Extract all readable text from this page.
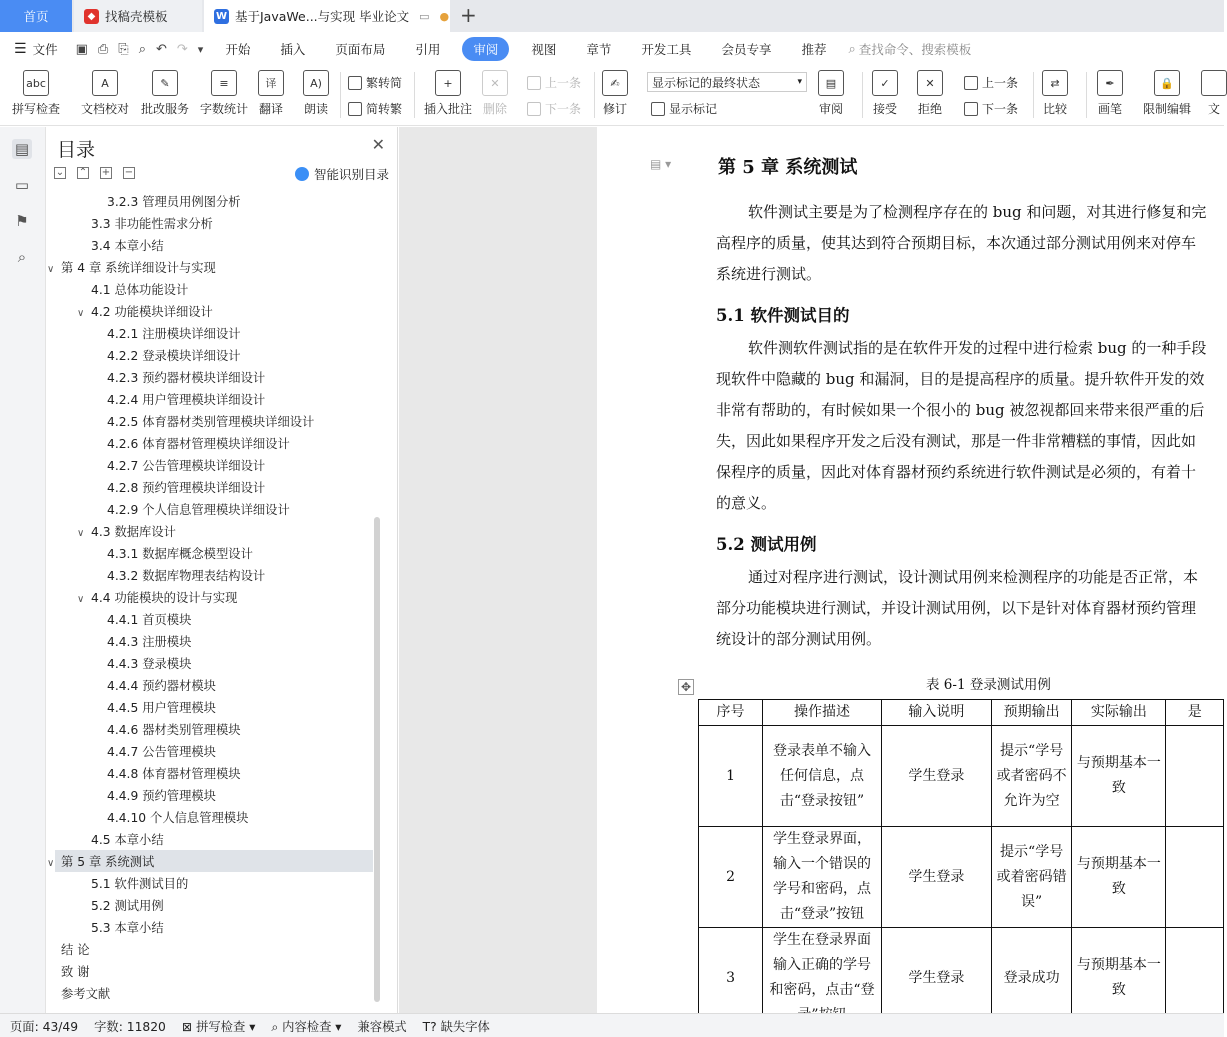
首页	◆ 找稿壳模板	W 基于JavaWe...与实现 毕业论文 ▭ ● +
☰ 文件	▣ ⎙ ⎘ ⌕ ↶ ↷ ▾	开始	插入	页面布局	引用	审阅	视图	章节	开发工具	会员专享	推荐	⌕ 查找命令、搜索模板
abc
拼写检查
A
文档校对
✎
批改服务
≡
字数统计
译
翻译
A)
朗读
繁转简
简转繁
+
插入批注
✕
删除
上一条
下一条
✍
修订
显示标记的最终状态	▾
显示标记
▤
审阅
✓
接受
✕
拒绝
上一条
下一条
⇄
比较
✒
画笔
🔒
限制编辑 文
▤
▭
⚑
⌕
目录	✕
⌄ ⌃ + −	智能识别目录
3.2.3 管理员用例图分析
3.3 非功能性需求分析
3.4 本章小结
∨ 第 4 章 系统详细设计与实现
4.1 总体功能设计
∨ 4.2 功能模块详细设计
4.2.1 注册模块详细设计
4.2.2 登录模块详细设计
4.2.3 预约器材模块详细设计
4.2.4 用户管理模块详细设计
4.2.5 体育器材类别管理模块详细设计
4.2.6 体育器材管理模块详细设计
4.2.7 公告管理模块详细设计
4.2.8 预约管理模块详细设计
4.2.9 个人信息管理模块详细设计
∨ 4.3 数据库设计
4.3.1 数据库概念模型设计
4.3.2 数据库物理表结构设计
∨ 4.4 功能模块的设计与实现
4.4.1 首页模块
4.4.3 注册模块
4.4.3 登录模块
4.4.4 预约器材模块
4.4.5 用户管理模块
4.4.6 器材类别管理模块
4.4.7 公告管理模块
4.4.8 体育器材管理模块
4.4.9 预约管理模块
4.4.10 个人信息管理模块
4.5 本章小结
∨ 第 5 章 系统测试
5.1 软件测试目的
5.2 测试用例
5.3 本章小结
结 论
致 谢
参考文献
▤ ▾	第 5 章 系统测试
软件测试主要是为了检测程序存在的 bug 和问题，对其进行修复和完
高程序的质量，使其达到符合预期目标，本次通过部分测试用例来对停车
系统进行测试。
5.1 软件测试目的
软件测软件测试指的是在软件开发的过程中进行检索 bug 的一种手段
现软件中隐藏的 bug 和漏洞，目的是提高程序的质量。提升软件开发的效
非常有帮助的，有时候如果一个很小的 bug 被忽视都回来带来很严重的后
失，因此如果程序开发之后没有测试，那是一件非常糟糕的事情，因此如
保程序的质量，因此对体育器材预约系统进行软件测试是必须的，有着十
的意义。
5.2 测试用例
通过对程序进行测试，设计测试用例来检测程序的功能是否正常，本
部分功能模块进行测试，并设计测试用例，以下是针对体育器材预约管理
统设计的部分测试用例。
表 6-1 登录测试用例
✥
序号	操作描述	输入说明	预期输出	实际输出	是
1	登录表单不输入任何信息，点击“登录按钮”	学生登录	提示“学号或者密码不允许为空	与预期基本一致	
2	学生登录界面，输入一个错误的学号和密码，点击“登录”按钮	学生登录	提示“学号或着密码错误”	与预期基本一致	
3	学生在登录界面输入正确的学号和密码，点击“登	学生登录	登录成功	与预期基本一致	
页面: 43/49 字数: 11820 ⊠ 拼写检查 ▾ ⌕ 内容检查 ▾ 兼容模式 T? 缺失字体
